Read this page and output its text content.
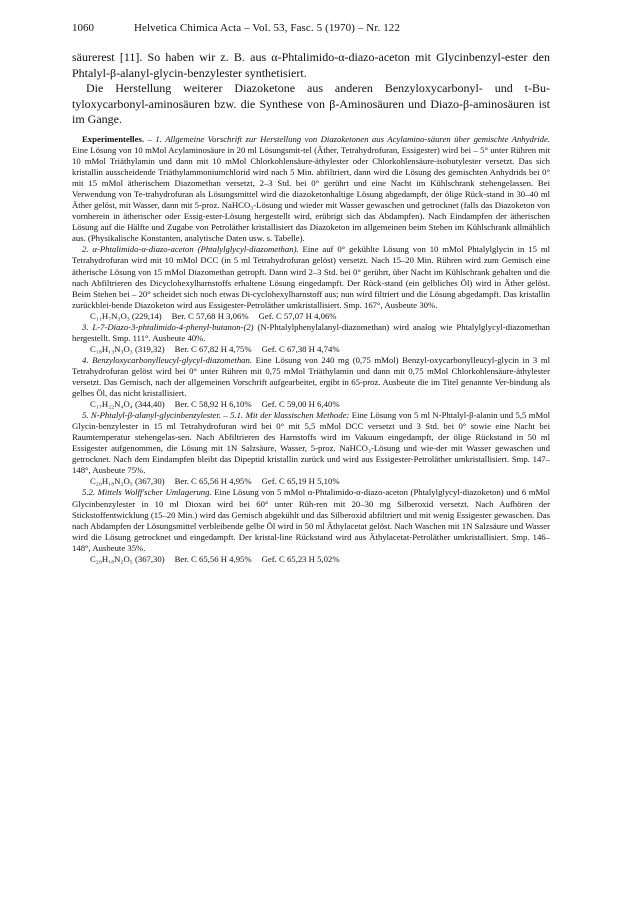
1060	Helvetica Chimica Acta – Vol. 53, Fasc. 5 (1970) – Nr. 122

säurerest [11]. So haben wir z. B. aus α-Phtalimido-α-diazo-aceton mit Glycinbenzyl-ester den Phtalyl-β-alanyl-glycin-benzylester synthetisiert.

Die Herstellung weiterer Diazoketone aus anderen Benzyloxycarbonyl- und t-Bu-tyloxycarbonyl-aminosäuren bzw. die Synthese von β-Aminosäuren und Diazo-β-aminosäuren ist im Gange.

Experimentelles. – 1. Allgemeine Vorschrift zur Herstellung von Diazoketonen aus Acylamino-säuren über gemischte Anhydride. Eine Lösung von 10 mMol Acylaminosäure in 20 ml Lösungsmit-tel (Äther, Tetrahydrofuran, Essigester) wird bei – 5° unter Rühren mit 10 mMol Triäthylamin und dann mit 10 mMol Chlorkohlensäure-äthylester oder Chlorkohlensäure-isobutylester versetzt. Das sich kristallin ausscheidende Triäthylammoniumchlorid wird nach 5 Min. abfiltriert, dann wird die Lösung des gemischten Anhydrids bei 0° mit 15 mMol ätherischem Diazomethan versetzt, 2–3 Std. bei 0° gerührt und eine Nacht im Kühlschrank stehengelassen. Bei Verwendung von Te-trahydrofuran als Lösungsmittel wird die diazoketonhaltige Lösung abgedampft, der ölige Rück-stand in 30–40 ml Äther gelöst, mit Wasser, dann mit 5-proz. NaHCO₃-Lösung und wieder mit Wasser gewaschen und getrocknet (falls das Diazoketon von vornherein in ätherischer oder Essig-ester-Lösung hergestellt wird, erübrigt sich das Abdampfen). Nach Eindampfen der ätherischen Lösung auf die Hälfte und Zugabe von Petroläther kristallisiert das Diazoketon im allgemeinen beim Stehen im Kühlschrank allmählich aus. (Physikalische Konstanten, analytische Daten usw. s. Tabelle).

2. α-Phtalimido-α-diazo-aceton (Phtalylglycyl-diazomethan). Eine auf 0° gekühlte Lösung von 10 mMol Phtalylglycin in 15 ml Tetrahydrofuran wird mit 10 mMol DCC (in 5 ml Tetrahydrofuran gelöst) versetzt. Nach 15–20 Min. Rühren wird zum Gemisch eine ätherische Lösung von 15 mMol Diazomethan getropft. Dann wird 2–3 Std. bei 0° gerührt, über Nacht im Kühlschrank gehalten und die nach Abfiltrieren des Dicyclohexylharnstoffs erhaltene Lösung eingedampft. Der Rück-stand (ein gelbliches Öl) wird in Äther gelöst. Beim Stehen bei – 20° scheidet sich noch etwas Di-cyclohexylharnstoff aus; nun wird filtriert und die Lösung abgedampft. Das kristallin zurückblei-bende Diazoketon wird aus Essigester-Petroläther umkristallisiert. Smp. 167°, Ausbeute 30%.

C₁₁H₇N₃O₃ (229,14) Ber. C 57,68 H 3,06% Gef. C 57,07 H 4,06%

3. L-7-Diazo-3-phtalimido-4-phenyl-butanon-(2) (N-Phtalylphenylalanyl-diazomethan) wird analog wie Phtalylglycyl-diazomethan hergestellt. Smp. 111°. Ausbeute 40%.

C₁₈H₁₃N₃O₃ (319,32) Ber. C 67,82 H 4,75% Gef. C 67,38 H 4,74%

4. Benzyloxycarbonylleucyl-glycyl-diazomethan. Eine Lösung von 240 mg (0,75 mMol) Benzyl-oxycarbonylleucyl-glycin in 3 ml Tetrahydrofuran gelöst wird bei 0° unter Rühren mit 0,75 mMol Triäthylamin und dann mit 0,75 mMol Chlorkohlensäure-äthylester versetzt. Das Gemisch, nach der allgemeinen Vorschrift aufgearbeitet, ergibt in 65-proz. Ausbeute die im Titel genannte Ver-bindung als gelbes Öl, das nicht kristallisiert.

C₁₇H₂₂N₄O₄ (344,40) Ber. C 58,92 H 6,10% Gef. C 59,00 H 6,40%

5. N-Phtalyl-β-alanyl-glycinbenzylester. – 5.1. Mit der klassischen Methode: Eine Lösung von 5 ml N-Phtalyl-β-alanin und 5,5 mMol Glycin-benzylester in 15 ml Tetrahydrofuran wird bei 0° mit 5,5 mMol DCC versetzt und 3 Std. bei 0° sowie eine Nacht bei Raumtemperatur stehengelas-sen. Nach Abfiltrieren des Harnstoffs wird im Vakuum eingedampft, der ölige Rückstand in 50 ml Essigester aufgenommen, die Lösung mit 1N Salzsäure, Wasser, 5-proz. NaHCO₃-Lösung und wie-der mit Wasser gewaschen und getrocknet. Nach dem Eindampfen bleibt das Dipeptid kristallin zurück und wird aus Essigester-Petroläther umkristallisiert. Smp. 147–148°, Ausbeute 75%.

C₂₀H₁₈N₂O₅ (367,30) Ber. C 65,56 H 4,95% Gef. C 65,19 H 5,10%

5.2. Mittels Wolff'scher Umlagerung. Eine Lösung von 5 mMol α-Phtalimido-α-diazo-aceton (Phtalylglycyl-diazoketon) und 6 mMol Glycinbenzylester in 10 ml Dioxan wird bei 60° unter Rüh-ren mit 20–30 mg Silberoxid versetzt. Nach Aufhören der Stickstoffentwicklung (15–20 Min.) wird das Gemisch abgekühlt und das Silberoxid abfiltriert und mit wenig Essigester gewaschen. Das nach Abdampfen der Lösungsmittel verbleibende gelbe Öl wird in 50 ml Äthylacetat gelöst. Nach Waschen mit 1N Salzsäure und Wasser wird die Lösung getrocknet und eingedampft. Der kristal-line Rückstand wird aus Äthylacetat-Petroläther umkristallisiert. Smp. 146–148°, Ausbeute 35%.

C₂₀H₁₈N₂O₅ (367,30) Ber. C 65,56 H 4,95% Gef. C 65,23 H 5,02%
